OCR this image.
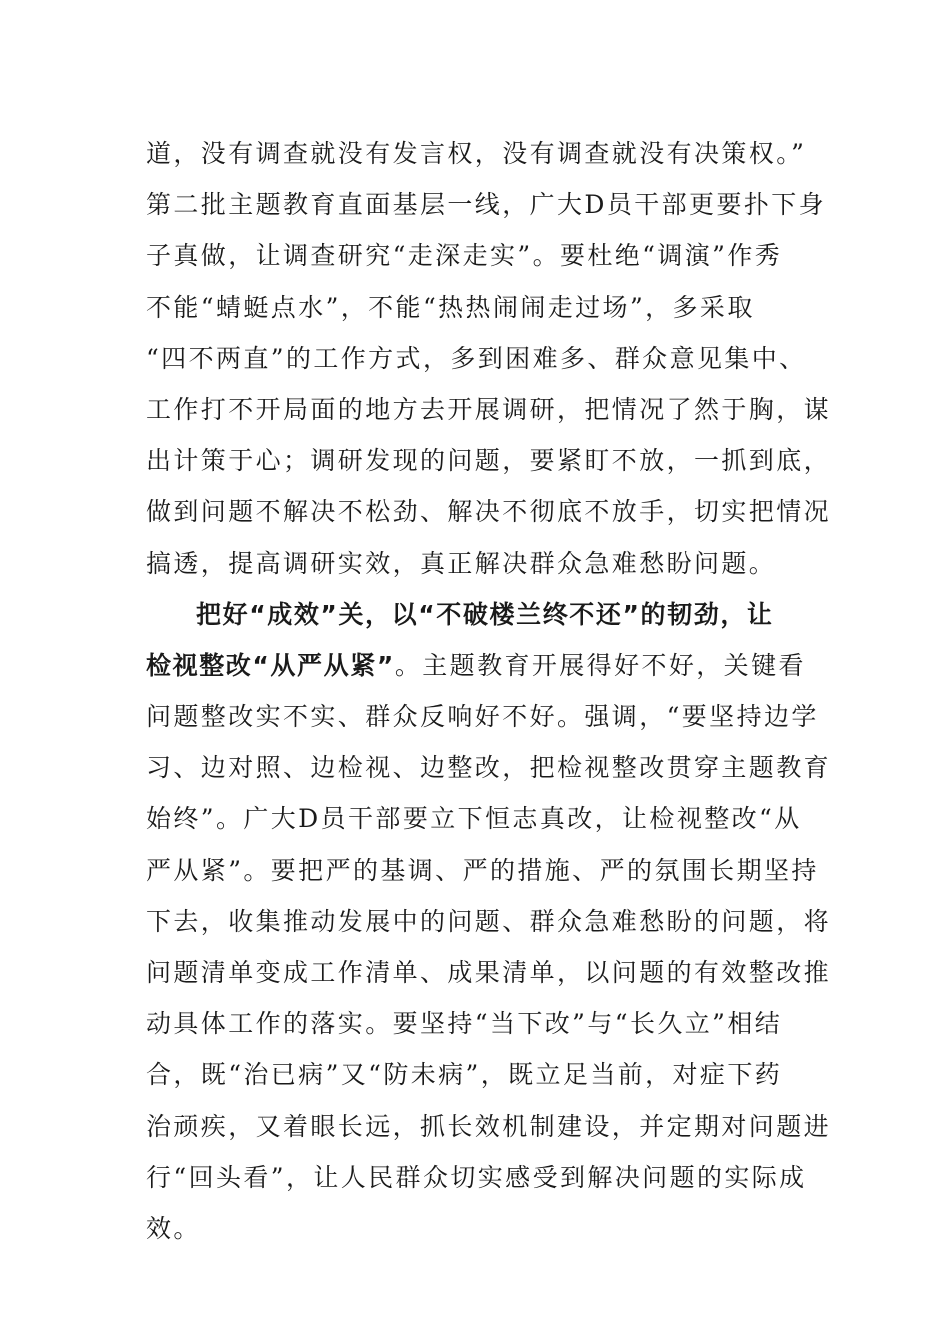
道，没有调查就没有发言权，没有调查就没有决策权。”
第二批主题教育直面基层一线，广大D员干部更要扑下身
子真做，让调查研究“走深走实”。要杜绝“调演”作秀
不能“蜻蜓点水”，不能“热热闹闹走过场”，多采取
“四不两直”的工作方式，多到困难多、群众意见集中、
工作打不开局面的地方去开展调研，把情况了然于胸，谋
出计策于心；调研发现的问题，要紧盯不放，一抓到底，
做到问题不解决不松劲、解决不彻底不放手，切实把情况
搞透，提高调研实效，真正解决群众急难愁盼问题。
把好“成效”关，以“不破楼兰终不还”的韧劲，让
检视整改“从严从紧”。主题教育开展得好不好，关键看
问题整改实不实、群众反响好不好。强调，“要坚持边学
习、边对照、边检视、边整改，把检视整改贯穿主题教育
始终”。广大D员干部要立下恒志真改，让检视整改“从
严从紧”。要把严的基调、严的措施、严的氛围长期坚持
下去，收集推动发展中的问题、群众急难愁盼的问题，将
问题清单变成工作清单、成果清单，以问题的有效整改推
动具体工作的落实。要坚持“当下改”与“长久立”相结
合，既“治已病”又“防未病”，既立足当前，对症下药
治顽疾，又着眼长远，抓长效机制建设，并定期对问题进
行“回头看”，让人民群众切实感受到解决问题的实际成
效。
